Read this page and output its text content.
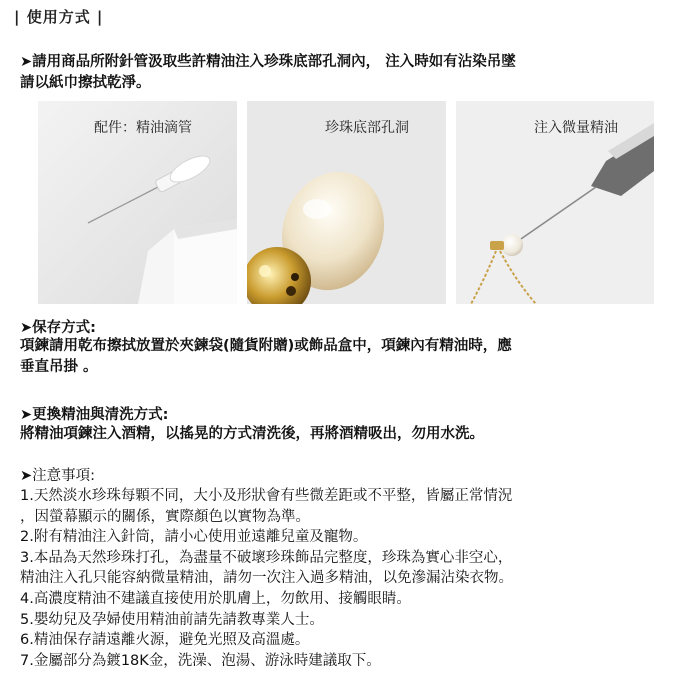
| 使用方式 |
➤請用商品所附針管汲取些許精油注入珍珠底部孔洞內， 注入時如有沾染吊墜
請以紙巾擦拭乾淨。
配件：精油滴管	珍珠底部孔洞	注入微量精油
➤保存方式:
項鍊請用乾布擦拭放置於夾鍊袋(隨貨附贈)或飾品盒中，項鍊內有精油時，應
垂直吊掛 。
➤更換精油與清洗方式:
將精油項鍊注入酒精，以搖晃的方式清洗後，再將酒精吸出，勿用水洗。
➤注意事項:
1.天然淡水珍珠每顆不同，大小及形狀會有些微差距或不平整，皆屬正常情況
，因螢幕顯示的關係，實際顏色以實物為準。
2.附有精油注入針筒，請小心使用並遠離兒童及寵物。
3.本品為天然珍珠打孔，為盡量不破壞珍珠飾品完整度，珍珠為實心非空心，
精油注入孔只能容納微量精油，請勿一次注入過多精油，以免滲漏沾染衣物。
4.高濃度精油不建議直接使用於肌膚上，勿飲用、接觸眼睛。
5.嬰幼兒及孕婦使用精油前請先請教專業人士。
6.精油保存請遠離火源，避免光照及高溫處。
7.金屬部分為鍍18K金，洗澡、泡湯、游泳時建議取下。
